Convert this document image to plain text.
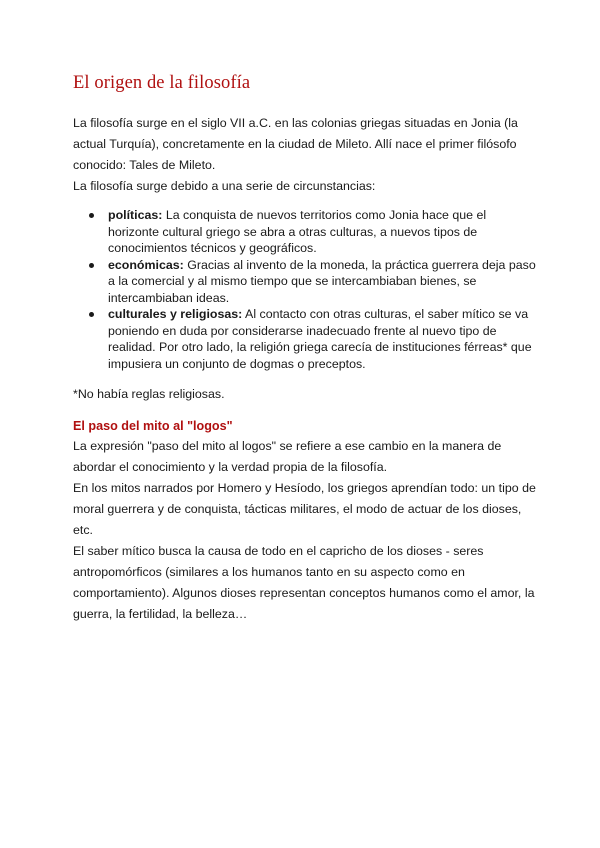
El origen de la filosofía

La filosofía surge en el siglo VII a.C. en las colonias griegas situadas en Jonia (la actual Turquía), concretamente en la ciudad de Mileto. Allí nace el primer filósofo conocido: Tales de Mileto.

La filosofía surge debido a una serie de circunstancias:

políticas: La conquista de nuevos territorios como Jonia hace que el horizonte cultural griego se abra a otras culturas, a nuevos tipos de conocimientos técnicos y geográficos.
económicas: Gracias al invento de la moneda, la práctica guerrera deja paso a la comercial y al mismo tiempo que se intercambiaban bienes, se intercambiaban ideas.
culturales y religiosas: Al contacto con otras culturas, el saber mítico se va poniendo en duda por considerarse inadecuado frente al nuevo tipo de realidad. Por otro lado, la religión griega carecía de instituciones férreas* que impusiera un conjunto de dogmas o preceptos.

*No había reglas religiosas.

El paso del mito al "logos"

La expresión "paso del mito al logos" se refiere a ese cambio en la manera de abordar el conocimiento y la verdad propia de la filosofía.

En los mitos narrados por Homero y Hesíodo, los griegos aprendían todo: un tipo de moral guerrera y de conquista, tácticas militares, el modo de actuar de los dioses, etc.

El saber mítico busca la causa de todo en el capricho de los dioses - seres antropomórficos (similares a los humanos tanto en su aspecto como en comportamiento). Algunos dioses representan conceptos humanos como el amor, la guerra, la fertilidad, la belleza…
